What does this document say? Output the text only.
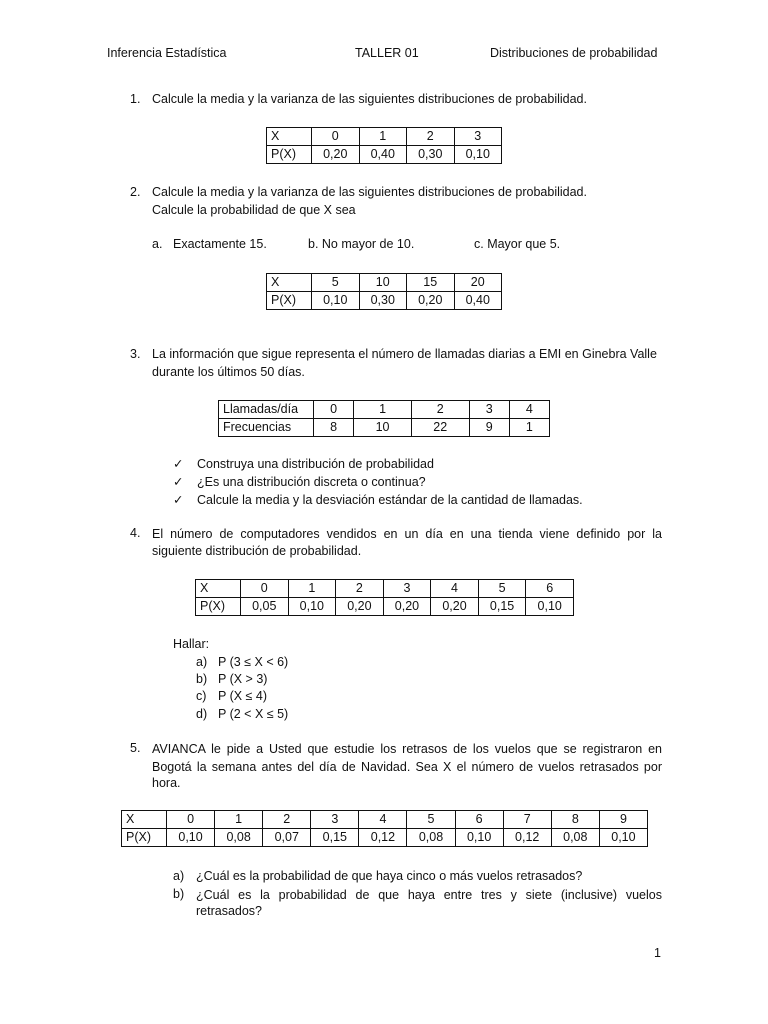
Inferencia Estadística	TALLER 01	Distribuciones de probabilidad
1. Calcule la media y la varianza de las siguientes distribuciones de probabilidad.
X	0	1	2	3
P(X)	0,20	0,40	0,30	0,10
2. Calcule la media y la varianza de las siguientes distribuciones de probabilidad.
Calcule la probabilidad de que X sea
a. Exactamente 15.	b. No mayor de 10.	c. Mayor que 5.
X	5	10	15	20
P(X)	0,10	0,30	0,20	0,40
3. La información que sigue representa el número de llamadas diarias a EMI en Ginebra Valle
durante los últimos 50 días.
Llamadas/día	0	1	2	3	4
Frecuencias	8	10	22	9	1
✓ Construya una distribución de probabilidad
✓ ¿Es una distribución discreta o continua?
✓ Calcule la media y la desviación estándar de la cantidad de llamadas.
4. El número de computadores vendidos en un día en una tienda viene definido por la
siguiente distribución de probabilidad.
X	0	1	2	3	4	5	6
P(X)	0,05	0,10	0,20	0,20	0,20	0,15	0,10
Hallar:
a) P (3 ≤ X < 6)
b) P (X > 3)
c) P (X ≤ 4)
d) P (2 < X ≤ 5)
5. AVIANCA le pide a Usted que estudie los retrasos de los vuelos que se registraron en
Bogotá la semana antes del día de Navidad. Sea X el número de vuelos retrasados por
hora.
X	0	1	2	3	4	5	6	7	8	9
P(X)	0,10	0,08	0,07	0,15	0,12	0,08	0,10	0,12	0,08	0,10
a) ¿Cuál es la probabilidad de que haya cinco o más vuelos retrasados?
b) ¿Cuál es la probabilidad de que haya entre tres y siete (inclusive) vuelos
retrasados?
1
